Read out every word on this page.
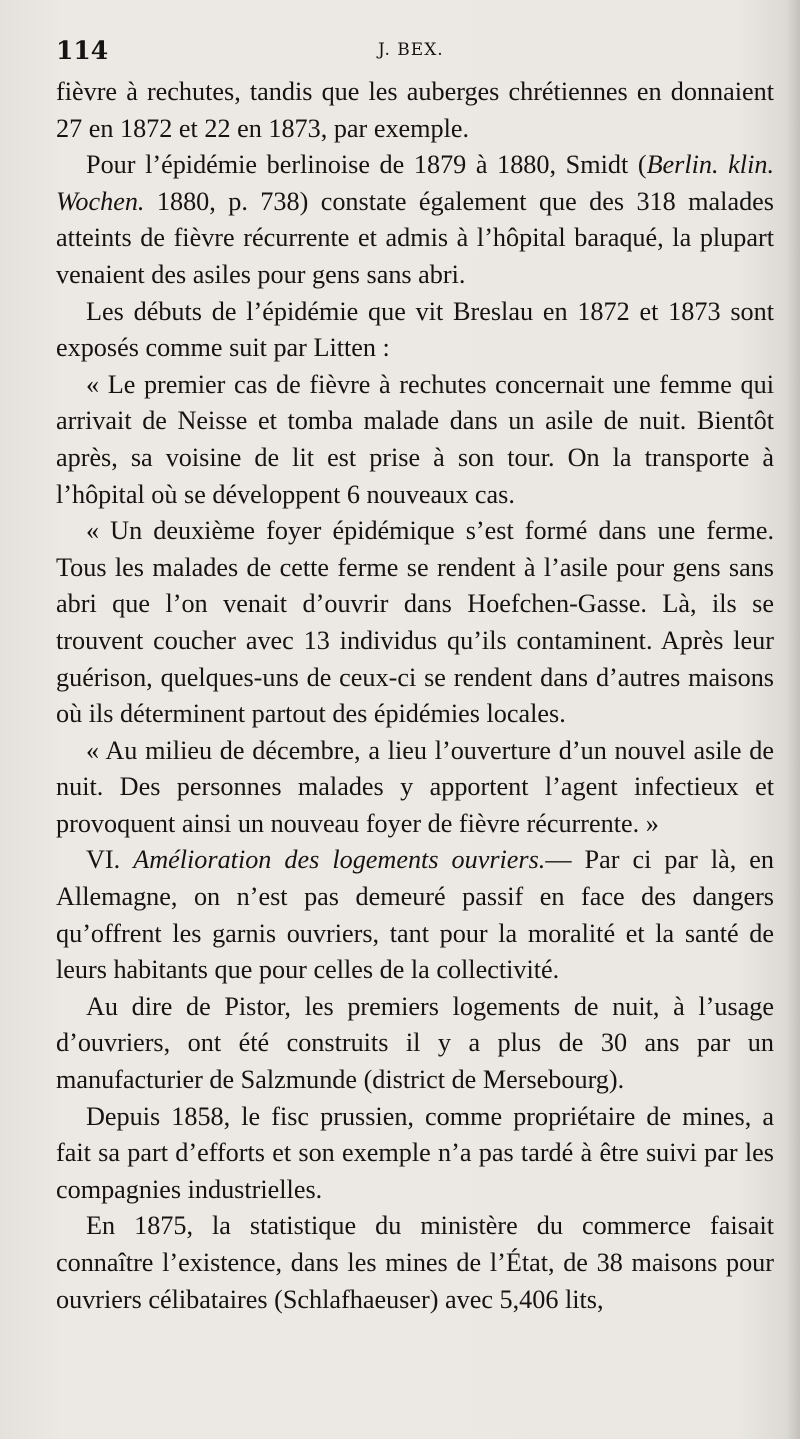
114	J. BEX.

fièvre à rechutes, tandis que les auberges chrétiennes en donnaient 27 en 1872 et 22 en 1873, par exemple.

Pour l’épidémie berlinoise de 1879 à 1880, Smidt (Berlin. klin. Wochen. 1880, p. 738) constate également que des 318 malades atteints de fièvre récurrente et admis à l’hôpital baraqué, la plupart venaient des asiles pour gens sans abri.

Les débuts de l’épidémie que vit Breslau en 1872 et 1873 sont exposés comme suit par Litten :

« Le premier cas de fièvre à rechutes concernait une femme qui arrivait de Neisse et tomba malade dans un asile de nuit. Bientôt après, sa voisine de lit est prise à son tour. On la transporte à l’hôpital où se développent 6 nouveaux cas.

« Un deuxième foyer épidémique s’est formé dans une ferme. Tous les malades de cette ferme se rendent à l’asile pour gens sans abri que l’on venait d’ouvrir dans Hoefchen-Gasse. Là, ils se trouvent coucher avec 13 individus qu’ils contaminent. Après leur guérison, quelques-uns de ceux-ci se rendent dans d’autres maisons où ils déterminent partout des épidémies locales.

« Au milieu de décembre, a lieu l’ouverture d’un nouvel asile de nuit. Des personnes malades y apportent l’agent infectieux et provoquent ainsi un nouveau foyer de fièvre récurrente. »

VI. Amélioration des logements ouvriers.— Par ci par là, en Allemagne, on n’est pas demeuré passif en face des dangers qu’offrent les garnis ouvriers, tant pour la moralité et la santé de leurs habitants que pour celles de la collectivité.

Au dire de Pistor, les premiers logements de nuit, à l’usage d’ouvriers, ont été construits il y a plus de 30 ans par un manufacturier de Salzmunde (district de Mersebourg).

Depuis 1858, le fisc prussien, comme propriétaire de mines, a fait sa part d’efforts et son exemple n’a pas tardé à être suivi par les compagnies industrielles.

En 1875, la statistique du ministère du commerce faisait connaître l’existence, dans les mines de l’État, de 38 maisons pour ouvriers célibataires (Schlafhaeuser) avec 5,406 lits,
